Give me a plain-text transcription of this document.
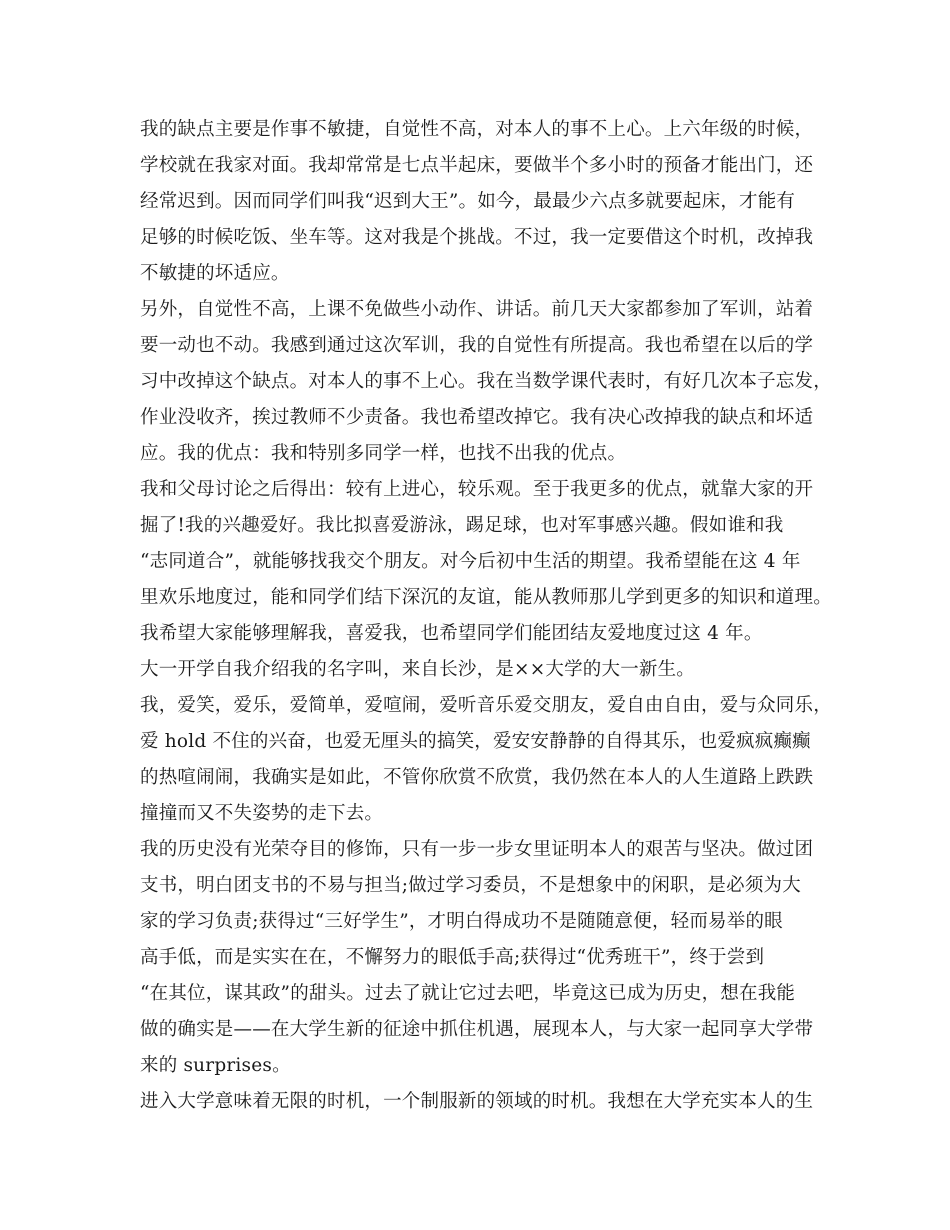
我的缺点主要是作事不敏捷，自觉性不高，对本人的事不上心。上六年级的时候，
学校就在我家对面。我却常常是七点半起床，要做半个多小时的预备才能出门，还
经常迟到。因而同学们叫我“迟到大王”。如今，最最少六点多就要起床，才能有
足够的时候吃饭、坐车等。这对我是个挑战。不过，我一定要借这个时机，改掉我
不敏捷的坏适应。
另外，自觉性不高，上课不免做些小动作、讲话。前几天大家都参加了军训，站着
要一动也不动。我感到通过这次军训，我的自觉性有所提高。我也希望在以后的学
习中改掉这个缺点。对本人的事不上心。我在当数学课代表时，有好几次本子忘发，
作业没收齐，挨过教师不少责备。我也希望改掉它。我有决心改掉我的缺点和坏适
应。我的优点：我和特别多同学一样，也找不出我的优点。
我和父母讨论之后得出：较有上进心，较乐观。至于我更多的优点，就靠大家的开
掘了!我的兴趣爱好。我比拟喜爱游泳，踢足球，也对军事感兴趣。假如谁和我
“志同道合”，就能够找我交个朋友。对今后初中生活的期望。我希望能在这 4 年
里欢乐地度过，能和同学们结下深沉的友谊，能从教师那儿学到更多的知识和道理。
我希望大家能够理解我，喜爱我，也希望同学们能团结友爱地度过这 4 年。
大一开学自我介绍我的名字叫，来自长沙，是××大学的大一新生。
我，爱笑，爱乐，爱简单，爱喧闹，爱听音乐爱交朋友，爱自由自由，爱与众同乐，
爱 hold 不住的兴奋，也爱无厘头的搞笑，爱安安静静的自得其乐，也爱疯疯癫癫
的热喧闹闹，我确实是如此，不管你欣赏不欣赏，我仍然在本人的人生道路上跌跌
撞撞而又不失姿势的走下去。
我的历史没有光荣夺目的修饰，只有一步一步女里证明本人的艰苦与坚决。做过团
支书，明白团支书的不易与担当;做过学习委员，不是想象中的闲职，是必须为大
家的学习负责;获得过“三好学生”，才明白得成功不是随随意便，轻而易举的眼
高手低，而是实实在在，不懈努力的眼低手高;获得过“优秀班干”，终于尝到
“在其位，谋其政”的甜头。过去了就让它过去吧，毕竟这已成为历史，想在我能
做的确实是——在大学生新的征途中抓住机遇，展现本人，与大家一起同享大学带
来的 surprises。
进入大学意味着无限的时机，一个制服新的领域的时机。我想在大学充实本人的生
